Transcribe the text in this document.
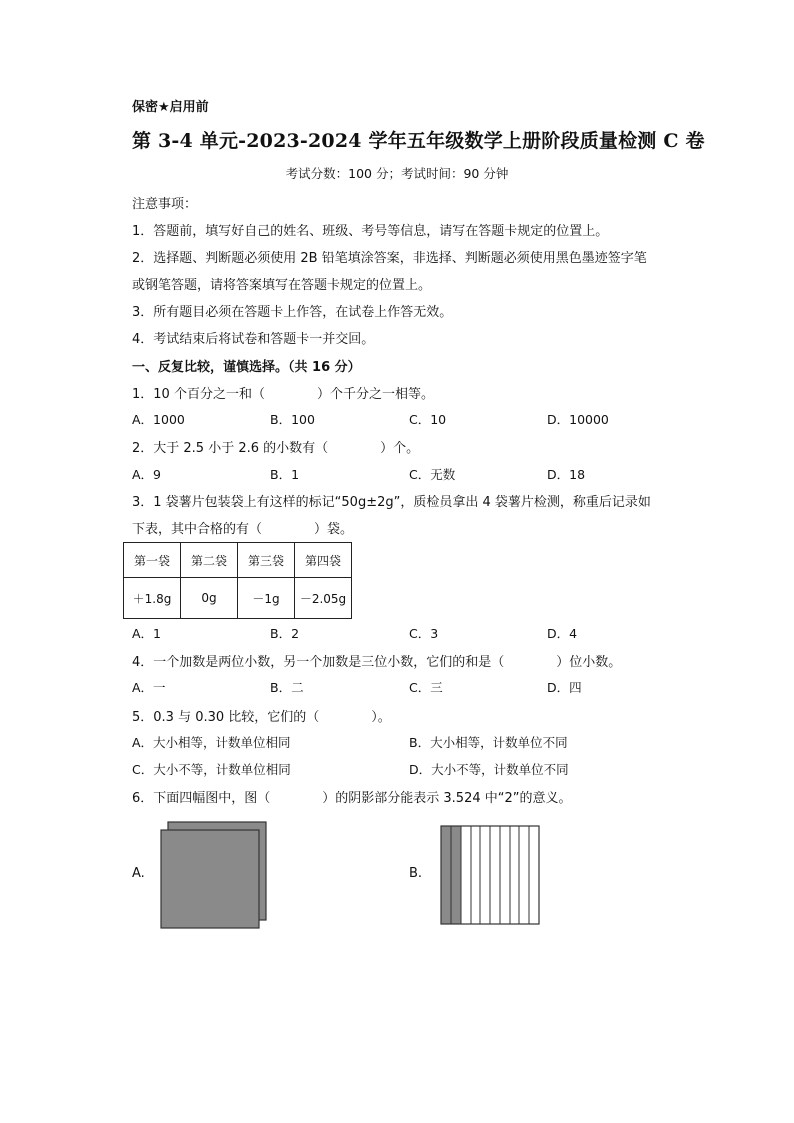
保密★启用前
第 3-4 单元-2023-2024 学年五年级数学上册阶段质量检测 C 卷
考试分数：100 分；考试时间：90 分钟
注意事项：
1．答题前，填写好自己的姓名、班级、考号等信息，请写在答题卡规定的位置上。
2．选择题、判断题必须使用 2B 铅笔填涂答案，非选择、判断题必须使用黑色墨迹签字笔
或钢笔答题，请将答案填写在答题卡规定的位置上。
3．所有题目必须在答题卡上作答，在试卷上作答无效。
4．考试结束后将试卷和答题卡一并交回。
一、反复比较，谨慎选择。（共 16 分）
1．10 个百分之一和（　　　　）个千分之一相等。
A．1000	B．100	C．10	D．10000
2．大于 2.5 小于 2.6 的小数有（　　　　）个。
A．9	B．1	C．无数	D．18
3．1 袋薯片包装袋上有这样的标记“50g±2g”，质检员拿出 4 袋薯片检测，称重后记录如
下表，其中合格的有（　　　　）袋。
第一袋	第二袋	第三袋	第四袋
＋1.8g	0g	－1g	－2.05g
A．1	B．2	C．3	D．4
4．一个加数是两位小数，另一个加数是三位小数，它们的和是（　　　　）位小数。
A．一	B．二	C．三	D．四
5．0.3 与 0.30 比较，它们的（　　　　）。
A．大小相等，计数单位相同	B．大小相等，计数单位不同
C．大小不等，计数单位相同	D．大小不等，计数单位不同
6．下面四幅图中，图（　　　　）的阴影部分能表示 3.524 中“2”的意义。
A.	B.
